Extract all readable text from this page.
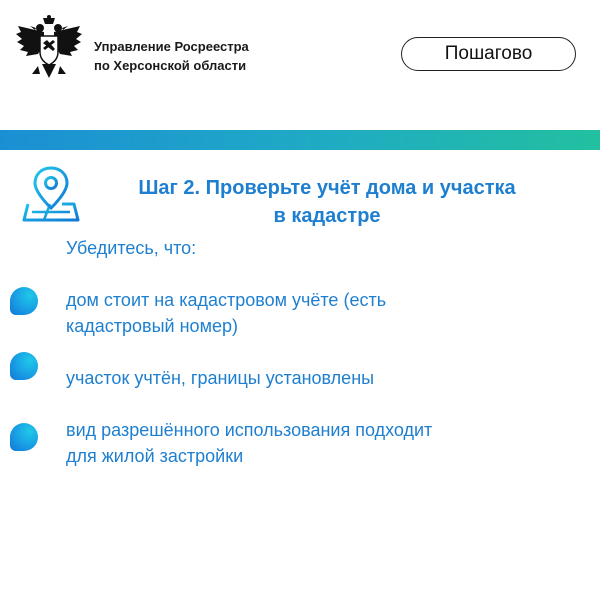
Управление Росреестра
по Херсонской области
Пошагово
Шаг 2. Проверьте учёт дома и участка
в кадастре
Убедитесь, что:
дом стоит на кадастровом учёте (есть
кадастровый номер)
участок учтён, границы установлены
вид разрешённого использования подходит
для жилой застройки
